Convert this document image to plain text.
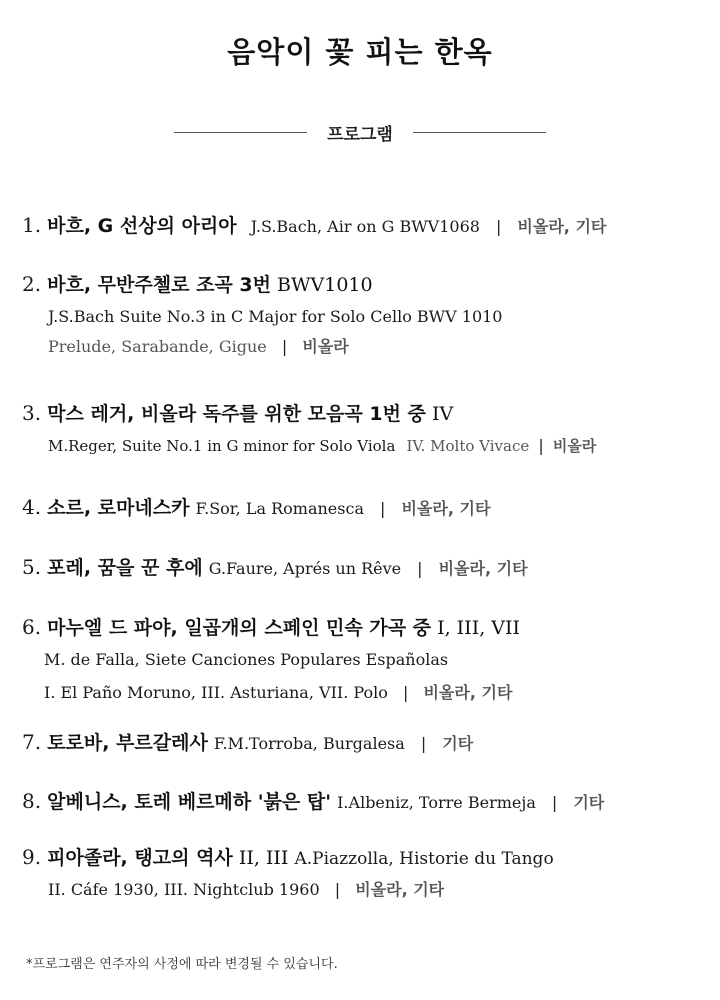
음악이 꽃 피는 한옥
프로그램
1. 바흐, G 선상의 아리아 J.S.Bach, Air on G BWV1068 | 비올라, 기타
2. 바흐, 무반주첼로 조곡 3번 BWV1010
J.S.Bach Suite No.3 in C Major for Solo Cello BWV 1010
Prelude, Sarabande, Gigue | 비올라
3. 막스 레거, 비올라 독주를 위한 모음곡 1번 중 IV
M.Reger, Suite No.1 in G minor for Solo Viola IV. Molto Vivace | 비올라
4. 소르, 로마네스카 F.Sor, La Romanesca | 비올라, 기타
5. 포레, 꿈을 꾼 후에 G.Faure, Aprés un Rêve | 비올라, 기타
6. 마누엘 드 파야, 일곱개의 스페인 민속 가곡 중 I, III, VII
M. de Falla, Siete Canciones Populares Españolas
I. El Paño Moruno, III. Asturiana, VII. Polo | 비올라, 기타
7. 토로바, 부르갈레사 F.M.Torroba, Burgalesa | 기타
8. 알베니스, 토레 베르메하 '붉은 탑' I.Albeniz, Torre Bermeja | 기타
9. 피아졸라, 탱고의 역사 II, III A.Piazzolla, Historie du Tango
II. Cáfe 1930, III. Nightclub 1960 | 비올라, 기타
*프로그램은 연주자의 사정에 따라 변경될 수 있습니다.
